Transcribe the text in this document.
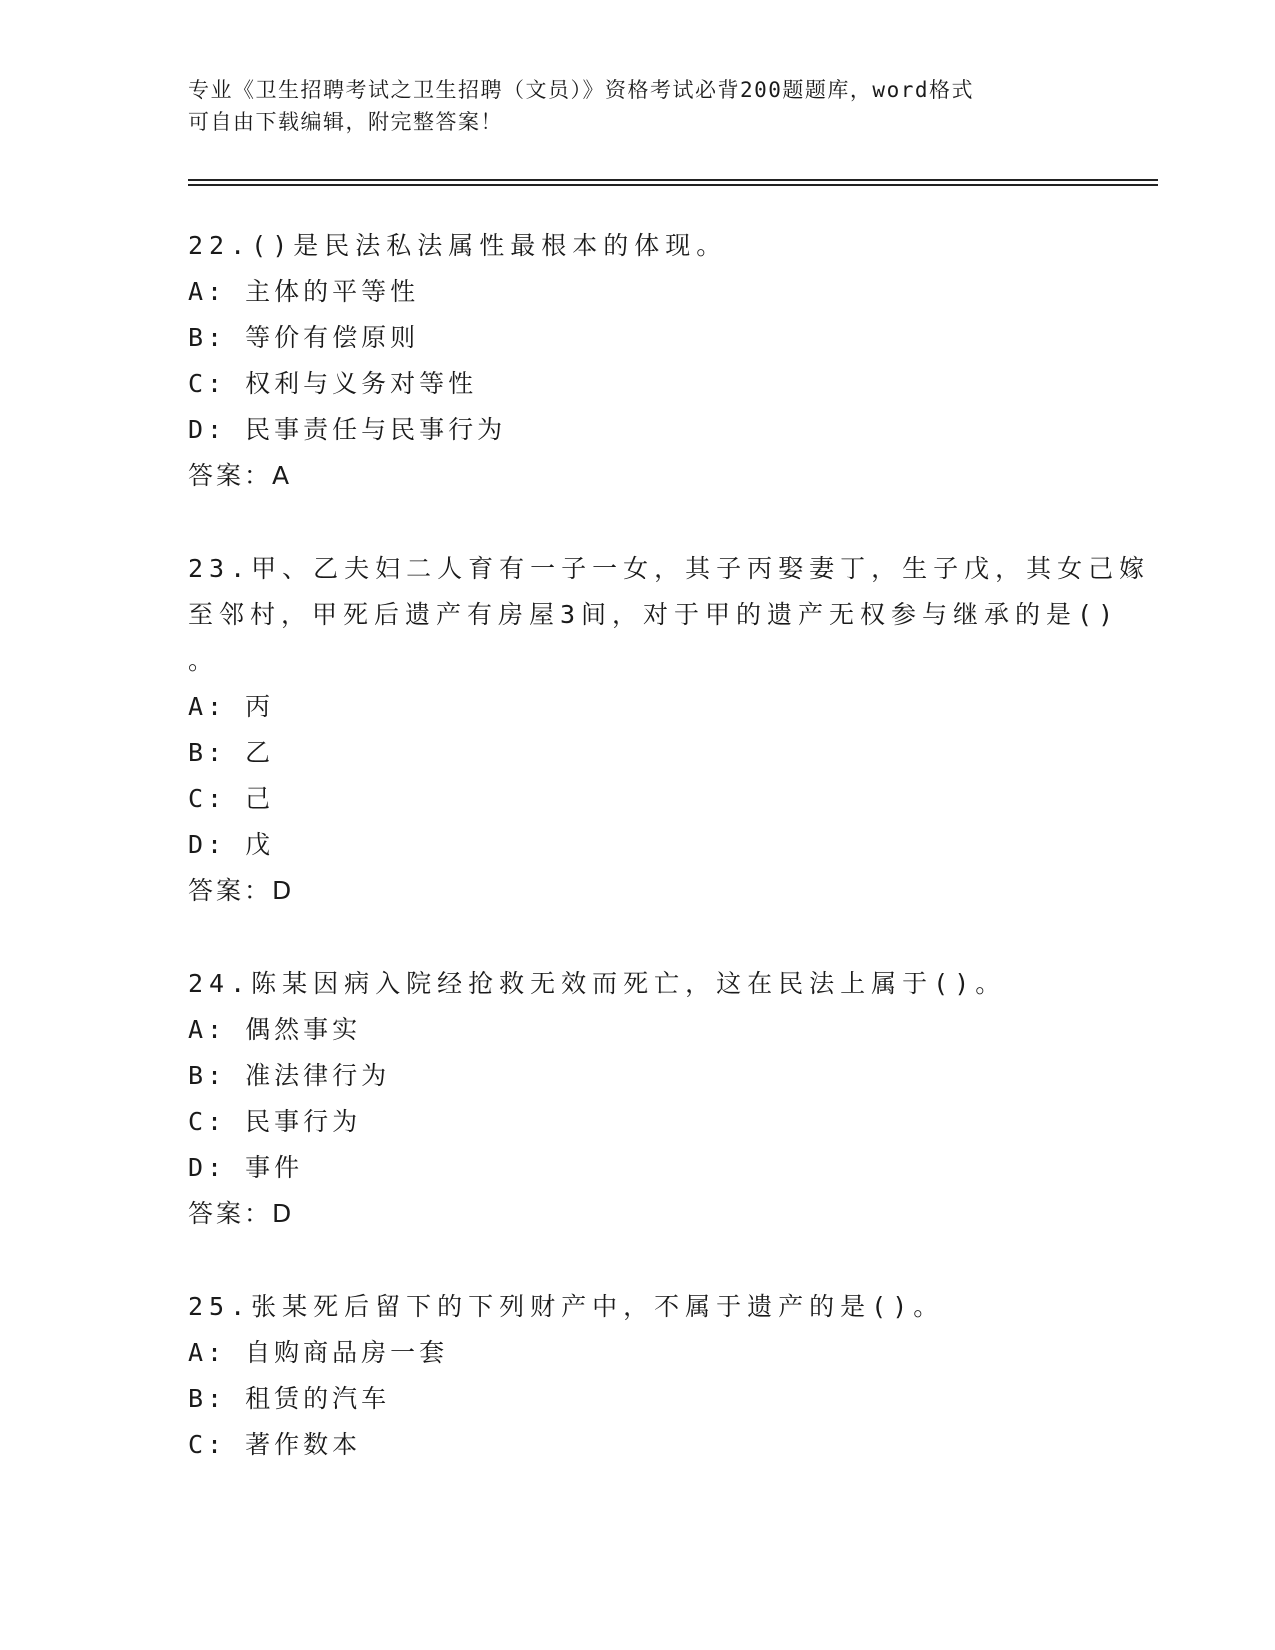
专业《卫生招聘考试之卫生招聘（文员）》资格考试必背200题题库，word格式
可自由下载编辑，附完整答案！
22.()是民法私法属性最根本的体现。
A: 主体的平等性
B: 等价有偿原则
C: 权利与义务对等性
D: 民事责任与民事行为
答案：A
23.甲、乙夫妇二人育有一子一女，其子丙娶妻丁，生子戊，其女己嫁
至邻村，甲死后遗产有房屋3间，对于甲的遗产无权参与继承的是()
。
A: 丙
B: 乙
C: 己
D: 戊
答案：D
24.陈某因病入院经抢救无效而死亡，这在民法上属于()。
A: 偶然事实
B: 准法律行为
C: 民事行为
D: 事件
答案：D
25.张某死后留下的下列财产中，不属于遗产的是()。
A: 自购商品房一套
B: 租赁的汽车
C: 著作数本
